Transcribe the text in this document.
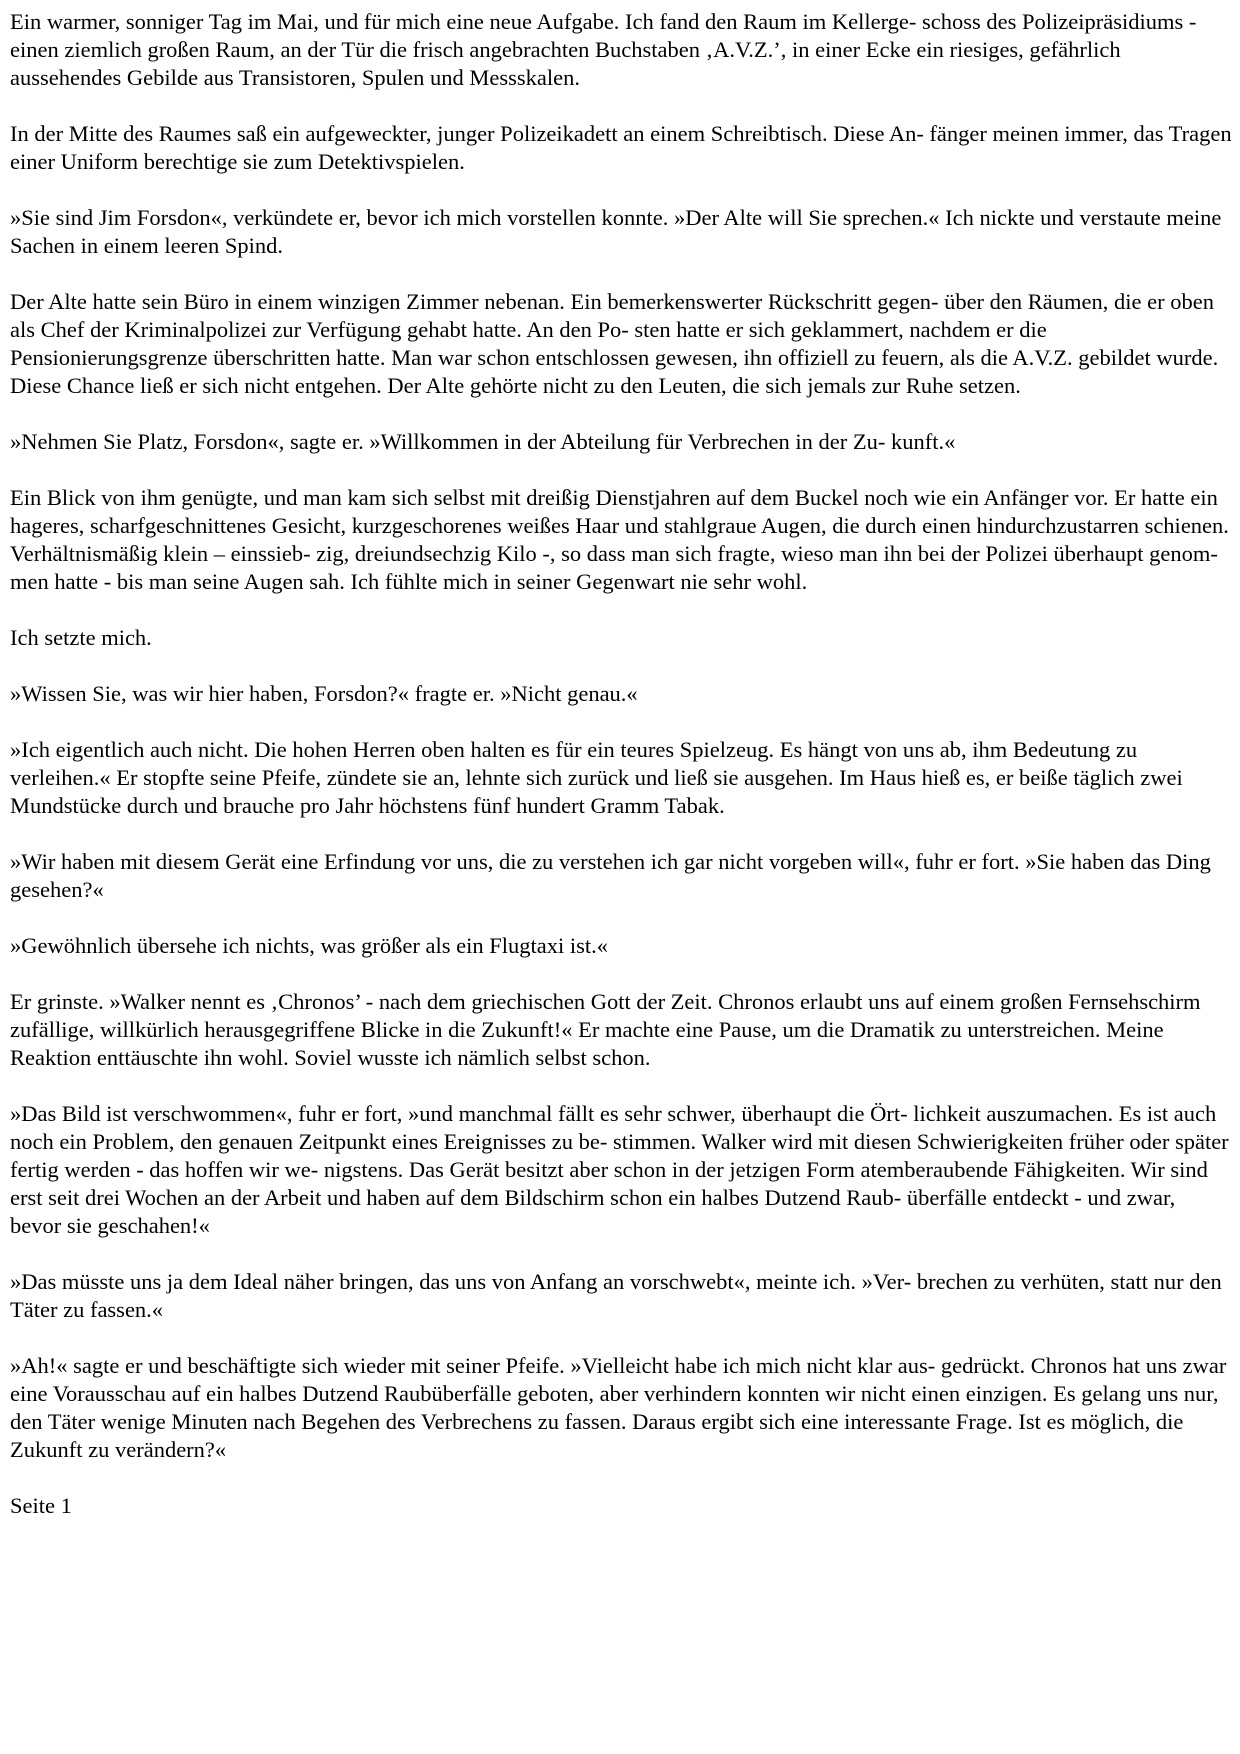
Ein warmer, sonniger Tag im Mai, und für mich eine neue Aufgabe. Ich fand den Raum im Kellerge- schoss des Polizeipräsidiums - einen ziemlich großen Raum, an der Tür die frisch angebrachten Buchstaben ‚A.V.Z.’, in einer Ecke ein riesiges, gefährlich aussehendes Gebilde aus Transistoren, Spulen und Messskalen.

In der Mitte des Raumes saß ein aufgeweckter, junger Polizeikadett an einem Schreibtisch. Diese An- fänger meinen immer, das Tragen einer Uniform berechtige sie zum Detektivspielen.

»Sie sind Jim Forsdon«, verkündete er, bevor ich mich vorstellen konnte. »Der Alte will Sie sprechen.« Ich nickte und verstaute meine Sachen in einem leeren Spind.

Der Alte hatte sein Büro in einem winzigen Zimmer nebenan. Ein bemerkenswerter Rückschritt gegen- über den Räumen, die er oben als Chef der Kriminalpolizei zur Verfügung gehabt hatte. An den Po- sten hatte er sich geklammert, nachdem er die Pensionierungsgrenze überschritten hatte. Man war schon entschlossen gewesen, ihn offiziell zu feuern, als die A.V.Z. gebildet wurde. Diese Chance ließ er sich nicht entgehen. Der Alte gehörte nicht zu den Leuten, die sich jemals zur Ruhe setzen.

»Nehmen Sie Platz, Forsdon«, sagte er. »Willkommen in der Abteilung für Verbrechen in der Zu- kunft.«

Ein Blick von ihm genügte, und man kam sich selbst mit dreißig Dienstjahren auf dem Buckel noch wie ein Anfänger vor. Er hatte ein hageres, scharfgeschnittenes Gesicht, kurzgeschorenes weißes Haar und stahlgraue Augen, die durch einen hindurchzustarren schienen. Verhältnismäßig klein – einssieb- zig, dreiundsechzig Kilo -, so dass man sich fragte, wieso man ihn bei der Polizei überhaupt genom- men hatte - bis man seine Augen sah. Ich fühlte mich in seiner Gegenwart nie sehr wohl.

Ich setzte mich.

»Wissen Sie, was wir hier haben, Forsdon?« fragte er. »Nicht genau.«

»Ich eigentlich auch nicht. Die hohen Herren oben halten es für ein teures Spielzeug. Es hängt von uns ab, ihm Bedeutung zu verleihen.« Er stopfte seine Pfeife, zündete sie an, lehnte sich zurück und ließ sie ausgehen. Im Haus hieß es, er beiße täglich zwei Mundstücke durch und brauche pro Jahr höchstens fünf hundert Gramm Tabak.

»Wir haben mit diesem Gerät eine Erfindung vor uns, die zu verstehen ich gar nicht vorgeben will«, fuhr er fort. »Sie haben das Ding gesehen?«

»Gewöhnlich übersehe ich nichts, was größer als ein Flugtaxi ist.«

Er grinste. »Walker nennt es ‚Chronos’ - nach dem griechischen Gott der Zeit. Chronos erlaubt uns auf einem großen Fernsehschirm zufällige, willkürlich herausgegriffene Blicke in die Zukunft!« Er machte eine Pause, um die Dramatik zu unterstreichen. Meine Reaktion enttäuschte ihn wohl. Soviel wusste ich nämlich selbst schon.

»Das Bild ist verschwommen«, fuhr er fort, »und manchmal fällt es sehr schwer, überhaupt die Ört- lichkeit auszumachen. Es ist auch noch ein Problem, den genauen Zeitpunkt eines Ereignisses zu be- stimmen. Walker wird mit diesen Schwierigkeiten früher oder später fertig werden - das hoffen wir we- nigstens. Das Gerät besitzt aber schon in der jetzigen Form atemberaubende Fähigkeiten. Wir sind erst seit drei Wochen an der Arbeit und haben auf dem Bildschirm schon ein halbes Dutzend Raub- überfälle entdeckt - und zwar, bevor sie geschahen!«

»Das müsste uns ja dem Ideal näher bringen, das uns von Anfang an vorschwebt«, meinte ich. »Ver- brechen zu verhüten, statt nur den Täter zu fassen.«

»Ah!« sagte er und beschäftigte sich wieder mit seiner Pfeife. »Vielleicht habe ich mich nicht klar aus- gedrückt. Chronos hat uns zwar eine Vorausschau auf ein halbes Dutzend Raubüberfälle geboten, aber verhindern konnten wir nicht einen einzigen. Es gelang uns nur, den Täter wenige Minuten nach Begehen des Verbrechens zu fassen. Daraus ergibt sich eine interessante Frage. Ist es möglich, die Zukunft zu verändern?«

Seite 1
